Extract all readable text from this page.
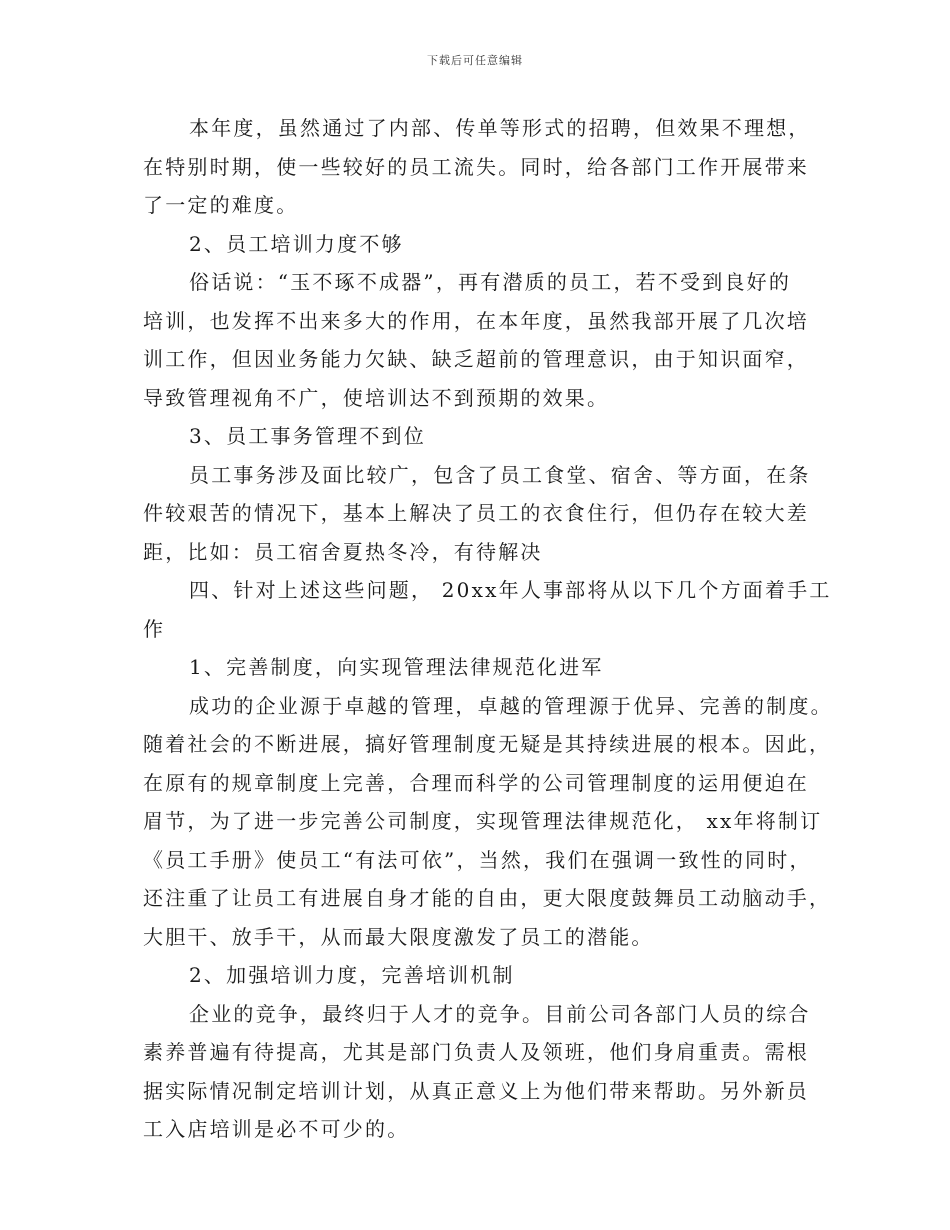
下载后可任意编辑
本年度，虽然通过了内部、传单等形式的招聘，但效果不理想，
在特别时期，使一些较好的员工流失。同时，给各部门工作开展带来
了一定的难度。
2、员工培训力度不够
俗话说：“玉不琢不成器”，再有潜质的员工，若不受到良好的
培训，也发挥不出来多大的作用，在本年度，虽然我部开展了几次培
训工作，但因业务能力欠缺、缺乏超前的管理意识，由于知识面窄，
导致管理视角不广，使培训达不到预期的效果。
3、员工事务管理不到位
员工事务涉及面比较广，包含了员工食堂、宿舍、等方面，在条
件较艰苦的情况下，基本上解决了员工的衣食住行，但仍存在较大差
距，比如：员工宿舍夏热冬冷，有待解决
四、针对上述这些问题， 20xx年人事部将从以下几个方面着手工
作
1、完善制度，向实现管理法律规范化进军
成功的企业源于卓越的管理，卓越的管理源于优异、完善的制度。
随着社会的不断进展，搞好管理制度无疑是其持续进展的根本。因此，
在原有的规章制度上完善，合理而科学的公司管理制度的运用便迫在
眉节，为了进一步完善公司制度，实现管理法律规范化， xx年将制订
《员工手册》使员工“有法可依”，当然，我们在强调一致性的同时，
还注重了让员工有进展自身才能的自由，更大限度鼓舞员工动脑动手，
大胆干、放手干，从而最大限度激发了员工的潜能。
2、加强培训力度，完善培训机制
企业的竞争，最终归于人才的竞争。目前公司各部门人员的综合
素养普遍有待提高，尤其是部门负责人及领班，他们身肩重责。需根
据实际情况制定培训计划，从真正意义上为他们带来帮助。另外新员
工入店培训是必不可少的。
